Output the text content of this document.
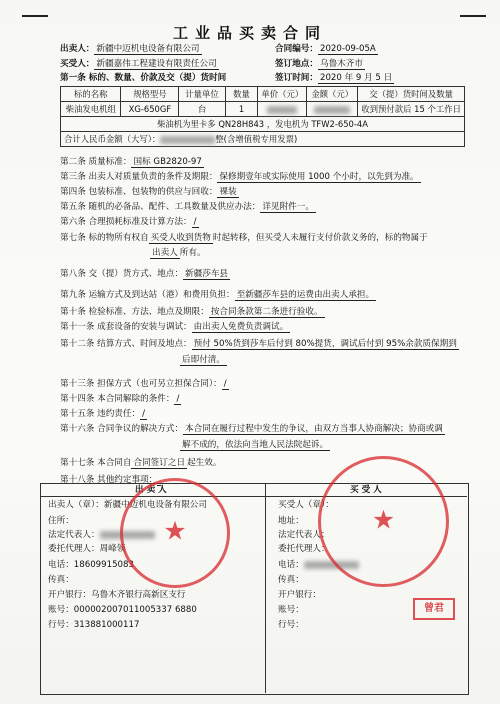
工业品买卖合同
出卖人： 新疆中迈机电设备有限公司	合同编号： 2020-09-05A
买受人： 新疆嘉伟工程建设有限责任公司	签订地点： 乌鲁木齐市
签订时间： 2020 年 9 月 5 日
第一条 标的、数量、价款及交（提）货时间
标的名称	规格型号	计量单位	数量	单价（元）	金额（元）	交（提）货时间及数量
柴油发电机组	XG-650GF	台	1			收到预付款后 15 个工作日
柴油机为里卡多 QN28H843 ，发电机为 TFW2-650-4A						
合计人民币金额（大写）： 整(含增值税专用发票)						
第二条 质量标准： 国标 GB2820-97
第三条 出卖人对质量负责的条件及期限： 保修期壹年或实际使用 1000 个小时，以先到为准。
第四条 包装标准、包装物的供应与回收： 裸装
第五条 随机的必备品、配件、工具数量及供应办法： 详见附件一。
第六条 合理损耗标准及计算方法： /
第七条 标的物所有权自 买受人收到货物 时起转移，但买受人未履行支付价款义务的，标的物属于
出卖人 所有。
第八条 交（提）货方式、地点： 新疆莎车县
第九条 运输方式及到达站（港）和费用负担： 至新疆莎车县的运费由出卖人承担。
第十条 检验标准、方法、地点及期限： 按合同条款第二条进行验收。
第十一条 成套设备的安装与调试： 由出卖人免费负责调试。
第十二条 结算方式、时间及地点： 预付 50%货到莎车后付到 80%提货，调试后付到 95%余款质保期到
后即付清。
第十三条 担保方式（也可另立担保合同）： /
第十四条 本合同解除的条件： /
第十五条 违约责任： /
第十六条 合同争议的解决方式： 本合同在履行过程中发生的争议，由双方当事人协商解决；协商或调
解不成的，依法向当地人民法院起诉。
第十七条 本合同自 合同签订之日 起生效。
第十八条 其他约定事项：
出 卖 人	买 受 人
出卖人（章）：新疆中迈机电设备有限公司
住所：
法定代表人：
委托代理人：周峰领
电话：18609915083
传真：
开户银行：乌鲁木齐银行高新区支行
账号：000002007011005337 6880
行号：313881000117
买受人（章）：
地址：
法定代表人：
委托代理人：
电话：
传真：
开户银行：
账号：
行号：
★	★
曾君
